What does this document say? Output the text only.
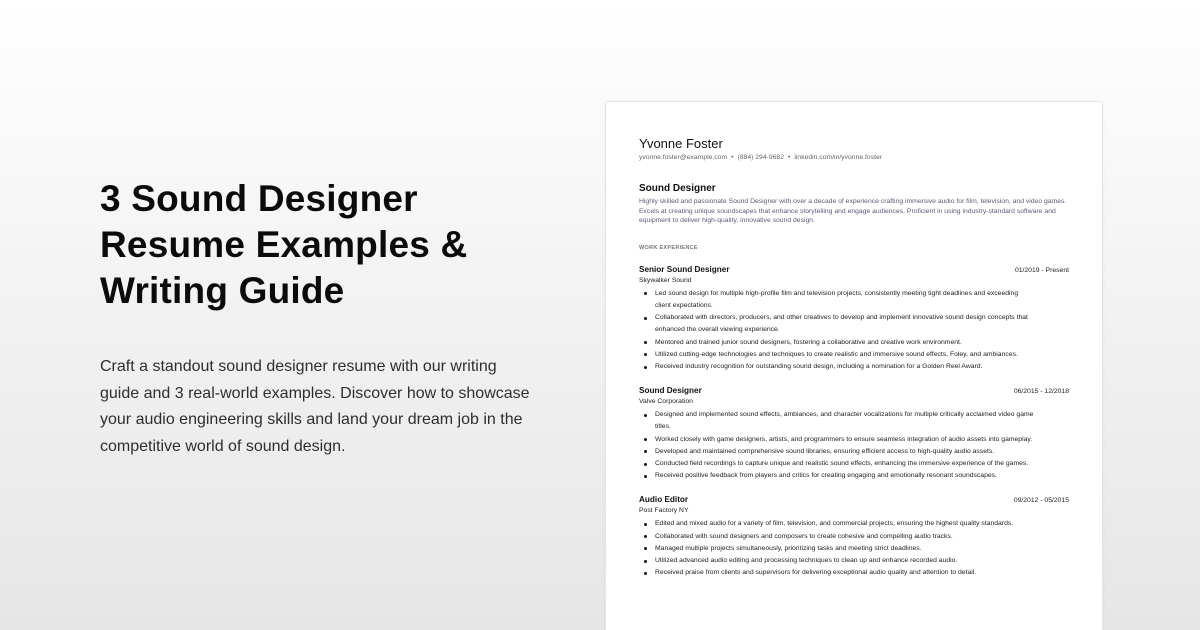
3 Sound Designer
Resume Examples &
Writing Guide

Craft a standout sound designer resume with our writing guide and 3 real-world examples. Discover how to showcase your audio engineering skills and land your dream job in the competitive world of sound design.

Yvonne Foster
yvonne.foster@example.com • (884) 294-9682 • linkedin.com/in/yvonne.foster
Sound Designer
Highly skilled and passionate Sound Designer with over a decade of experience crafting immersive audio for film, television, and video games. Excels at creating unique soundscapes that enhance storytelling and engage audiences. Proficient in using industry-standard software and equipment to deliver high-quality, innovative sound design.
WORK EXPERIENCE
Senior Sound Designer	01/2019 - Present
Skywalker Sound
Led sound design for multiple high-profile film and television projects, consistently meeting tight deadlines and exceeding client expectations.
Collaborated with directors, producers, and other creatives to develop and implement innovative sound design concepts that enhanced the overall viewing experience.
Mentored and trained junior sound designers, fostering a collaborative and creative work environment.
Utilized cutting-edge technologies and techniques to create realistic and immersive sound effects, Foley, and ambiances.
Received industry recognition for outstanding sound design, including a nomination for a Golden Reel Award.
Sound Designer	06/2015 - 12/2018
Valve Corporation
Designed and implemented sound effects, ambiances, and character vocalizations for multiple critically acclaimed video game titles.
Worked closely with game designers, artists, and programmers to ensure seamless integration of audio assets into gameplay.
Developed and maintained comprehensive sound libraries, ensuring efficient access to high-quality audio assets.
Conducted field recordings to capture unique and realistic sound effects, enhancing the immersive experience of the games.
Received positive feedback from players and critics for creating engaging and emotionally resonant soundscapes.
Audio Editor	09/2012 - 05/2015
Post Factory NY
Edited and mixed audio for a variety of film, television, and commercial projects, ensuring the highest quality standards.
Collaborated with sound designers and composers to create cohesive and compelling audio tracks.
Managed multiple projects simultaneously, prioritizing tasks and meeting strict deadlines.
Utilized advanced audio editing and processing techniques to clean up and enhance recorded audio.
Received praise from clients and supervisors for delivering exceptional audio quality and attention to detail.
